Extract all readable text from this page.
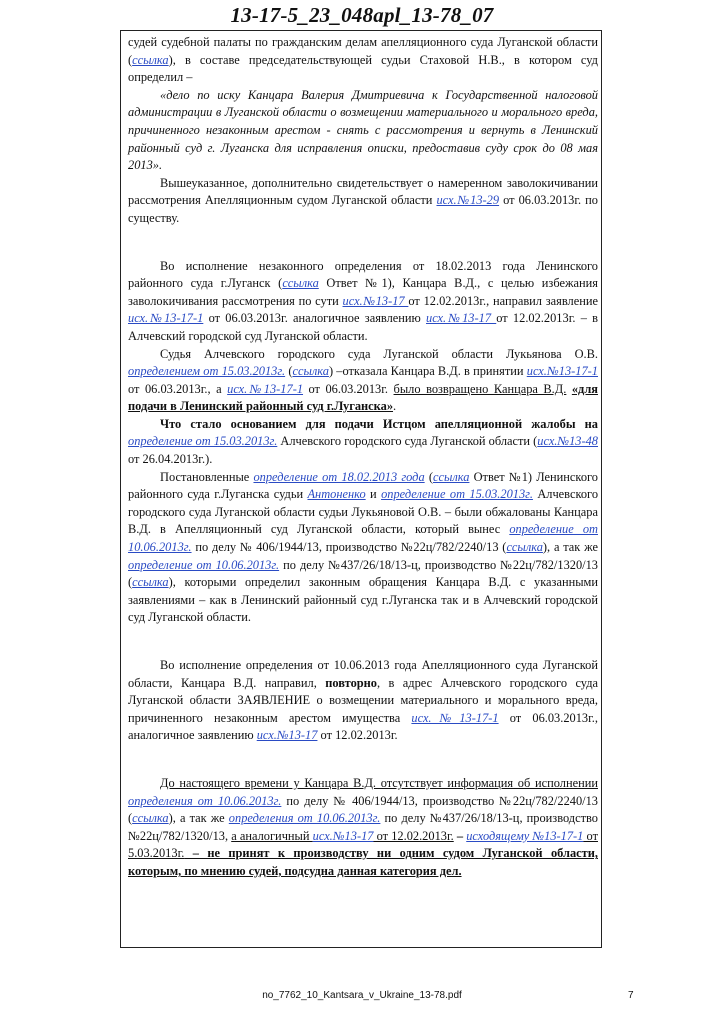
13-17-5_23_048apl_13-78_07

судей судебной палаты по гражданским делам апелляционного суда Луганской области (ссылка), в составе председательствующей судьи Стаховой Н.В., в котором суд определил –

«дело по иску Канцара Валерия Дмитриевича к Государственной налоговой администрации в Луганской области о возмещении материального и морального вреда, причиненного незаконным арестом - снять с рассмотрения и вернуть в Ленинский районный суд г. Луганска для исправления описки, предоставив суду срок до 08 мая 2013».

Вышеуказанное, дополнительно свидетельствует о намеренном заволокичивании рассмотрения Апелляционным судом Луганской области исх.№13-29 от 06.03.2013г. по существу.

Во исполнение незаконного определения от 18.02.2013 года Ленинского районного суда г.Луганск (ссылка Ответ №1), Канцара В.Д., с целью избежания заволокичивания рассмотрения по сути исх.№13-17 от 12.02.2013г., направил заявление исх.№13-17-1 от 06.03.2013г. аналогичное заявлению исх.№13-17 от 12.02.2013г. – в Алчевский городской суд Луганской области.

Судья Алчевского городского суда Луганской области Лукьянова О.В. определением от 15.03.2013г. (ссылка) –отказала Канцара В.Д. в принятии исх.№13-17-1 от 06.03.2013г., а исх.№13-17-1 от 06.03.2013г. было возвращено Канцара В.Д. «для подачи в Ленинский районный суд г.Луганска».

Что стало основанием для подачи Истцом апелляционной жалобы на определение от 15.03.2013г. Алчевского городского суда Луганской области (исх.№13-48 от 26.04.2013г.).

Постановленные определение от 18.02.2013 года (ссылка Ответ №1) Ленинского районного суда г.Луганска судьи Антоненко и определение от 15.03.2013г. Алчевского городского суда Луганской области судьи Лукьяновой О.В. – были обжалованы Канцара В.Д. в Апелляционный суд Луганской области, который вынес определение от 10.06.2013г. по делу № 406/1944/13, производство №22ц/782/2240/13 (ссылка), а так же определение от 10.06.2013г. по делу №437/26/18/13-ц, производство №22ц/782/1320/13 (ссылка), которыми определил законным обращения Канцара В.Д. с указанными заявлениями – как в Ленинский районный суд г.Луганска так и в Алчевский городской суд Луганской области.

Во исполнение определения от 10.06.2013 года Апелляционного суда Луганской области, Канцара В.Д. направил, повторно, в адрес Алчевского городского суда Луганской области ЗАЯВЛЕНИЕ о возмещении материального и морального вреда, причиненного незаконным арестом имущества исх.№13-17-1 от 06.03.2013г., аналогичное заявлению исх.№13-17 от 12.02.2013г.

До настоящего времени у Канцара В.Д. отсутствует информация об исполнении определения от 10.06.2013г. по делу № 406/1944/13, производство №22ц/782/2240/13 (ссылка), а так же определения от 10.06.2013г. по делу №437/26/18/13-ц, производство №22ц/782/1320/13, а аналогичный исх.№13-17 от 12.02.2013г. – исходящему №13-17-1 от 5.03.2013г. – не принят к производству ни одним судом Луганской области, которым, по мнению судей, подсудна данная категория дел.

no_7762_10_Kantsara_v_Ukraine_13-78.pdf	7
